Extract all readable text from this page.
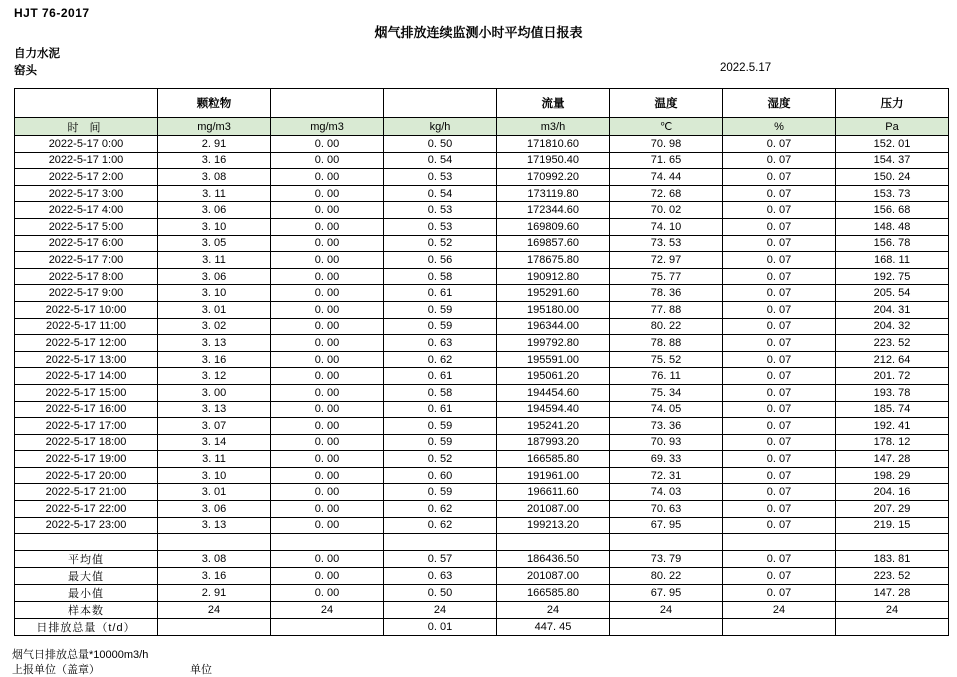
HJT 76-2017
烟气排放连续监测小时平均值日报表
自力水泥
窑头	2022.5.17
	颗粒物			流量	温度	湿度	压力
时 间	mg/m3	mg/m3	kg/h	m3/h	℃	%	Pa
2022-5-17 0:00	2. 91	0. 00	0. 50	171810.60	70. 98	0. 07	152. 01
2022-5-17 1:00	3. 16	0. 00	0. 54	171950.40	71. 65	0. 07	154. 37
2022-5-17 2:00	3. 08	0. 00	0. 53	170992.20	74. 44	0. 07	150. 24
2022-5-17 3:00	3. 11	0. 00	0. 54	173119.80	72. 68	0. 07	153. 73
2022-5-17 4:00	3. 06	0. 00	0. 53	172344.60	70. 02	0. 07	156. 68
2022-5-17 5:00	3. 10	0. 00	0. 53	169809.60	74. 10	0. 07	148. 48
2022-5-17 6:00	3. 05	0. 00	0. 52	169857.60	73. 53	0. 07	156. 78
2022-5-17 7:00	3. 11	0. 00	0. 56	178675.80	72. 97	0. 07	168. 11
2022-5-17 8:00	3. 06	0. 00	0. 58	190912.80	75. 77	0. 07	192. 75
2022-5-17 9:00	3. 10	0. 00	0. 61	195291.60	78. 36	0. 07	205. 54
2022-5-17 10:00	3. 01	0. 00	0. 59	195180.00	77. 88	0. 07	204. 31
2022-5-17 11:00	3. 02	0. 00	0. 59	196344.00	80. 22	0. 07	204. 32
2022-5-17 12:00	3. 13	0. 00	0. 63	199792.80	78. 88	0. 07	223. 52
2022-5-17 13:00	3. 16	0. 00	0. 62	195591.00	75. 52	0. 07	212. 64
2022-5-17 14:00	3. 12	0. 00	0. 61	195061.20	76. 11	0. 07	201. 72
2022-5-17 15:00	3. 00	0. 00	0. 58	194454.60	75. 34	0. 07	193. 78
2022-5-17 16:00	3. 13	0. 00	0. 61	194594.40	74. 05	0. 07	185. 74
2022-5-17 17:00	3. 07	0. 00	0. 59	195241.20	73. 36	0. 07	192. 41
2022-5-17 18:00	3. 14	0. 00	0. 59	187993.20	70. 93	0. 07	178. 12
2022-5-17 19:00	3. 11	0. 00	0. 52	166585.80	69. 33	0. 07	147. 28
2022-5-17 20:00	3. 10	0. 00	0. 60	191961.00	72. 31	0. 07	198. 29
2022-5-17 21:00	3. 01	0. 00	0. 59	196611.60	74. 03	0. 07	204. 16
2022-5-17 22:00	3. 06	0. 00	0. 62	201087.00	70. 63	0. 07	207. 29
2022-5-17 23:00	3. 13	0. 00	0. 62	199213.20	67. 95	0. 07	219. 15

平均值	3. 08	0. 00	0. 57	186436.50	73. 79	0. 07	183. 81
最大值	3. 16	0. 00	0. 63	201087.00	80. 22	0. 07	223. 52
最小值	2. 91	0. 00	0. 50	166585.80	67. 95	0. 07	147. 28
样本数	24	24	24	24	24	24	24
日排放总量（t/d）			0. 01	447. 45			
烟气日排放总量*10000m3/h
上报单位（盖章）	单位
